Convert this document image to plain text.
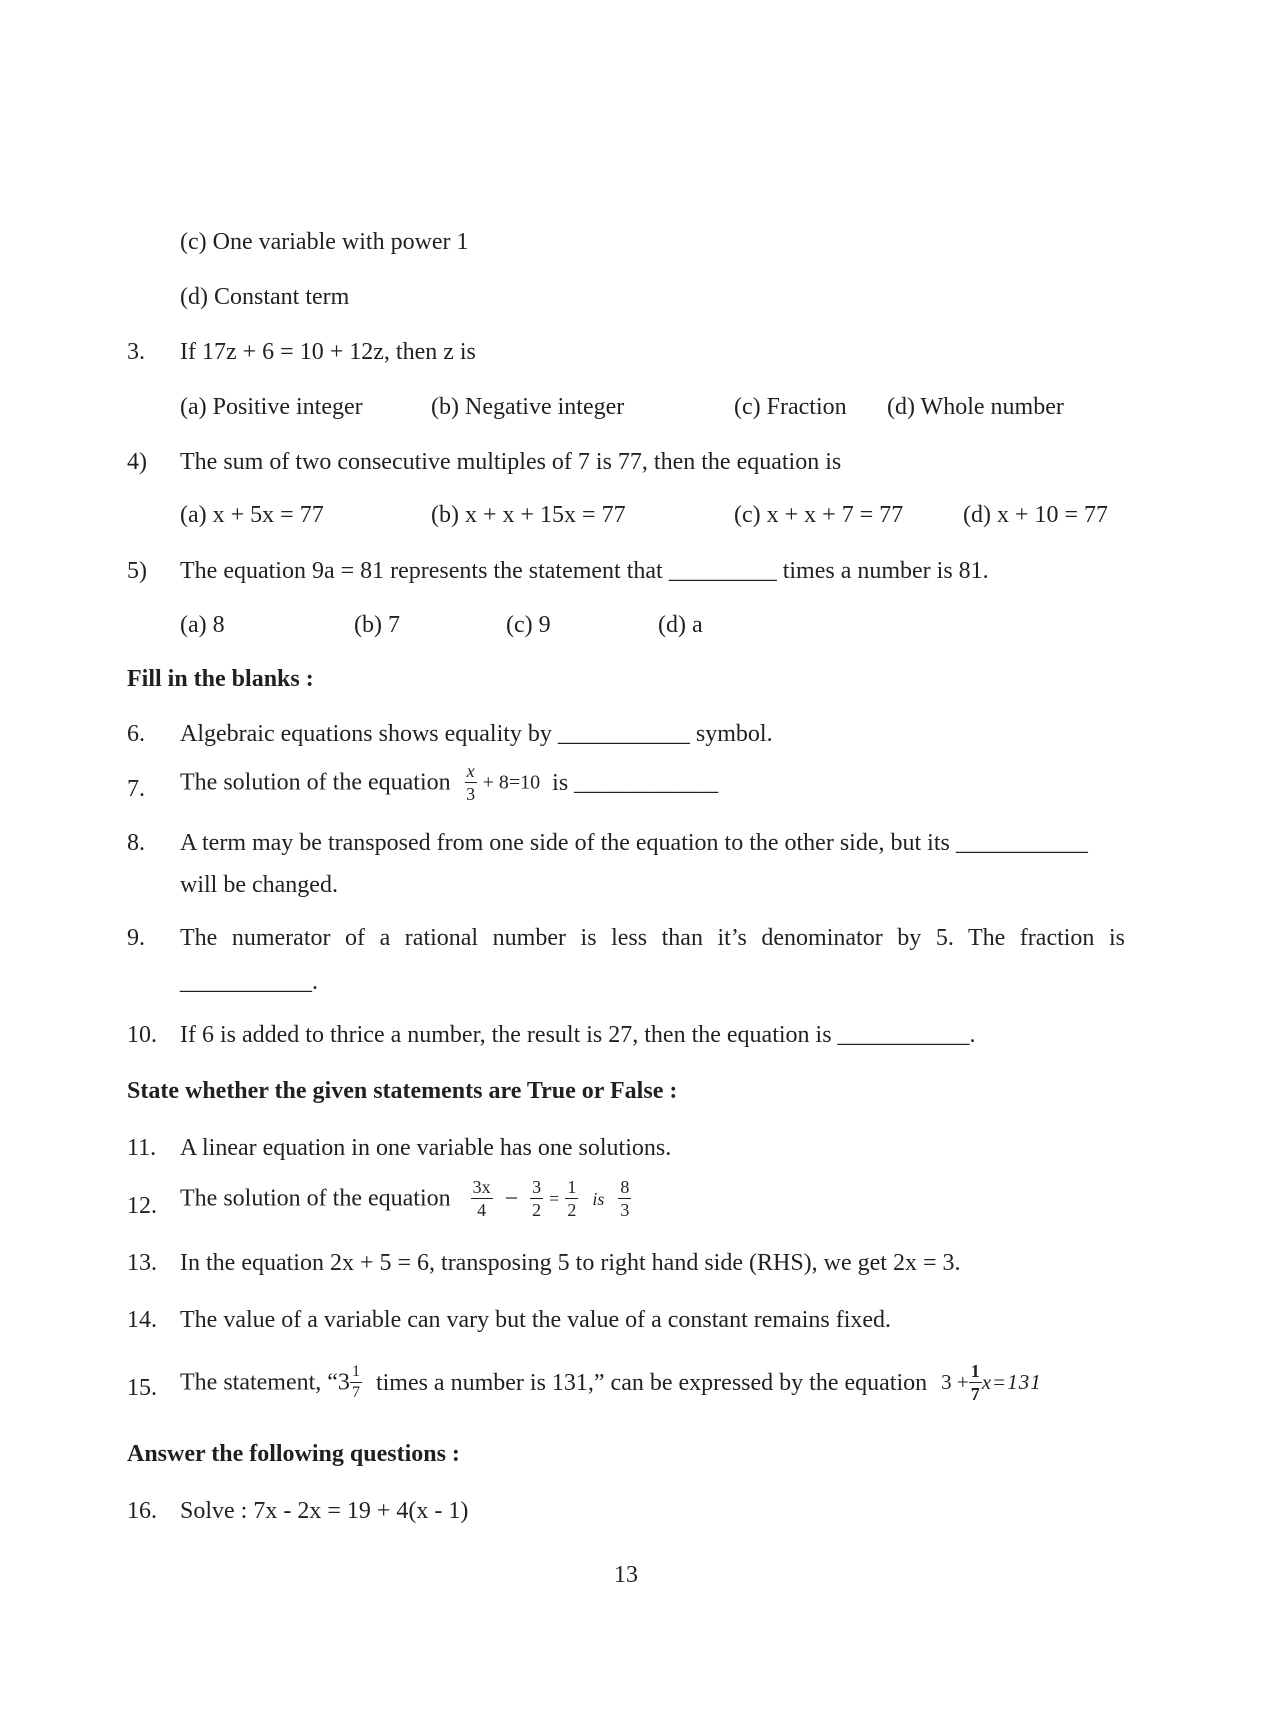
(c) One variable with power 1
(d) Constant term
3. If 17z + 6 = 10 + 12z, then z is
(a) Positive integer	(b) Negative integer	(c) Fraction (d) Whole number
4) The sum of two consecutive multiples of 7 is 77, then the equation is
(a) x + 5x = 77	(b) x + x + 15x = 77	(c) x + x + 7 = 77 (d) x + 10 = 77
5) The equation 9a = 81 represents the statement that _________ times a number is 81.
(a) 8	(b) 7	(c) 9	(d) a
Fill in the blanks :
6. Algebraic equations shows equality by ___________ symbol.
7. The solution of the equation $\frac{x}{3} + 8=10$ is ____________
8. A term may be transposed from one side of the equation to the other side, but its ___________
will be changed.
9. The numerator of a rational number is less than it’s denominator by 5. The fraction is
___________.
10. If 6 is added to thrice a number, the result is 27, then the equation is ___________.
State whether the given statements are True or False :
11. A linear equation in one variable has one solutions.
12. The solution of the equation $\frac{3x}{4} - \frac{3}{2} = \frac{1}{2}$ is $\frac{8}{3}$
13. In the equation 2x + 5 = 6, transposing 5 to right hand side (RHS), we get 2x = 3.
14. The value of a variable can vary but the value of a constant remains fixed.
15. The statement, “$3 \frac{1}{7}$ times a number is 131,” can be expressed by the equation $3 + \frac{1}{7} x=131$
Answer the following questions :
16. Solve : 7x - 2x = 19 + 4(x - 1)
13
